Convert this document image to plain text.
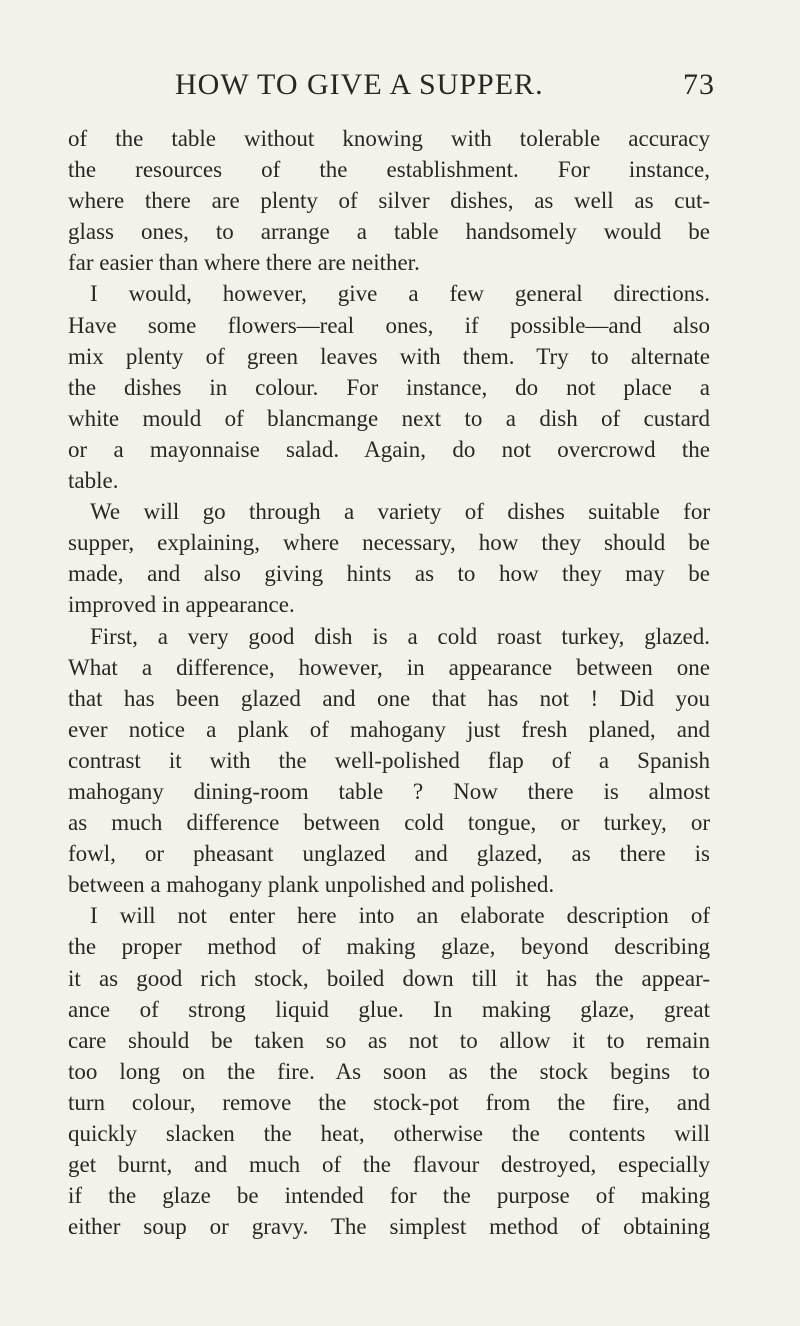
HOW TO GIVE A SUPPER.	73
of the table without knowing with tolerable accuracy
the resources of the establishment. For instance,
where there are plenty of silver dishes, as well as cut-
glass ones, to arrange a table handsomely would be
far easier than where there are neither.
I would, however, give a few general directions.
Have some flowers—real ones, if possible—and also
mix plenty of green leaves with them. Try to alternate
the dishes in colour. For instance, do not place a
white mould of blancmange next to a dish of custard
or a mayonnaise salad. Again, do not overcrowd the
table.
We will go through a variety of dishes suitable for
supper, explaining, where necessary, how they should be
made, and also giving hints as to how they may be
improved in appearance.
First, a very good dish is a cold roast turkey, glazed.
What a difference, however, in appearance between one
that has been glazed and one that has not ! Did you
ever notice a plank of mahogany just fresh planed, and
contrast it with the well-polished flap of a Spanish
mahogany dining-room table ? Now there is almost
as much difference between cold tongue, or turkey, or
fowl, or pheasant unglazed and glazed, as there is
between a mahogany plank unpolished and polished.
I will not enter here into an elaborate description of
the proper method of making glaze, beyond describing
it as good rich stock, boiled down till it has the appear-
ance of strong liquid glue. In making glaze, great
care should be taken so as not to allow it to remain
too long on the fire. As soon as the stock begins to
turn colour, remove the stock-pot from the fire, and
quickly slacken the heat, otherwise the contents will
get burnt, and much of the flavour destroyed, especially
if the glaze be intended for the purpose of making
either soup or gravy. The simplest method of obtaining
